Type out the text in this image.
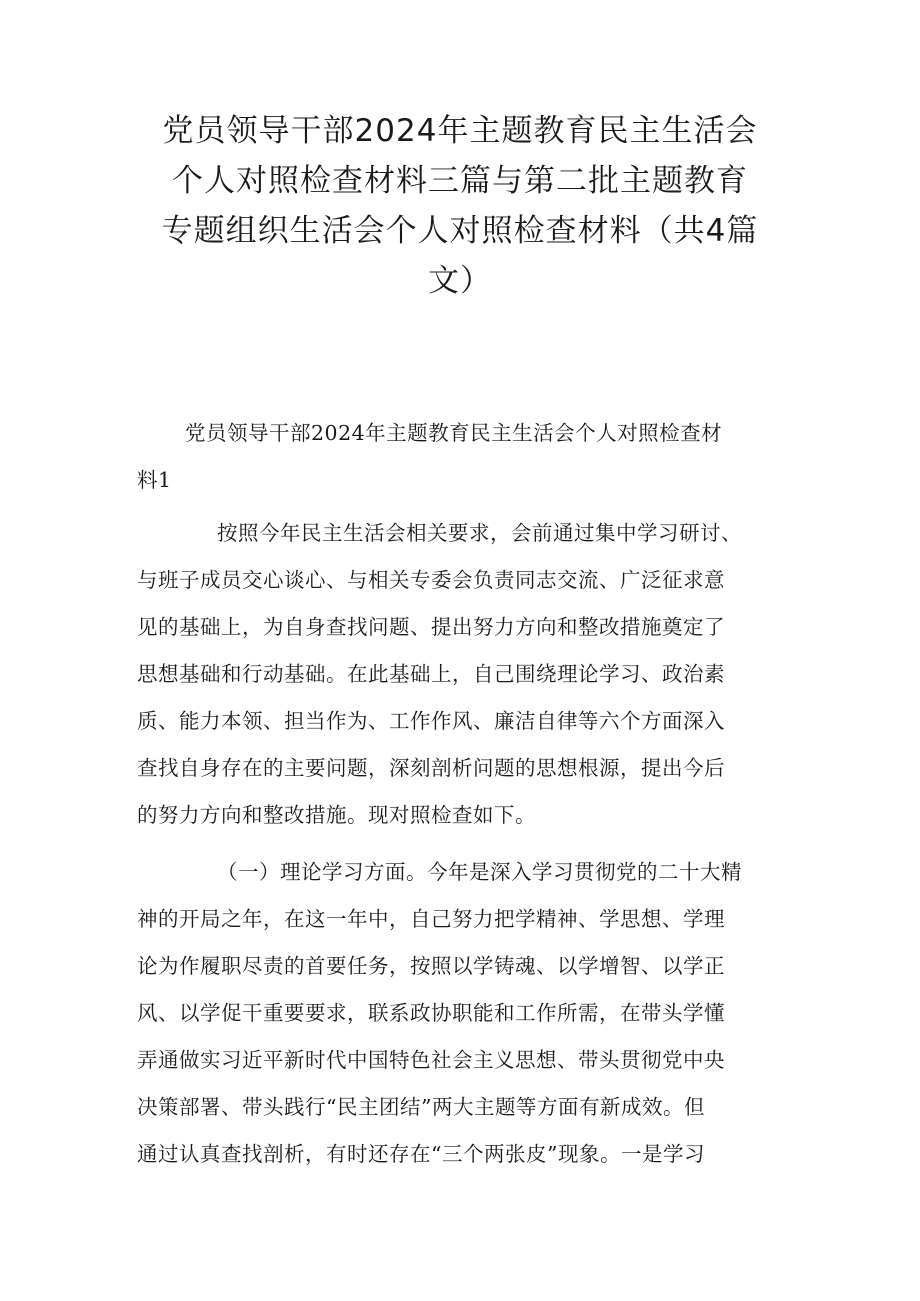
党员领导干部2024年主题教育民主生活会
个人对照检查材料三篇与第二批主题教育
专题组织生活会个人对照检查材料（共4篇
文）

党员领导干部2024年主题教育民主生活会个人对照检查材
料1

按照今年民主生活会相关要求，会前通过集中学习研讨、
与班子成员交心谈心、与相关专委会负责同志交流、广泛征求意
见的基础上，为自身查找问题、提出努力方向和整改措施奠定了
思想基础和行动基础。在此基础上，自己围绕理论学习、政治素
质、能力本领、担当作为、工作作风、廉洁自律等六个方面深入
查找自身存在的主要问题，深刻剖析问题的思想根源，提出今后
的努力方向和整改措施。现对照检查如下。

（一）理论学习方面。今年是深入学习贯彻党的二十大精
神的开局之年，在这一年中，自己努力把学精神、学思想、学理
论为作履职尽责的首要任务，按照以学铸魂、以学增智、以学正
风、以学促干重要要求，联系政协职能和工作所需，在带头学懂
弄通做实习近平新时代中国特色社会主义思想、带头贯彻党中央
决策部署、带头践行“民主团结”两大主题等方面有新成效。但
通过认真查找剖析，有时还存在“三个两张皮”现象。一是学习
